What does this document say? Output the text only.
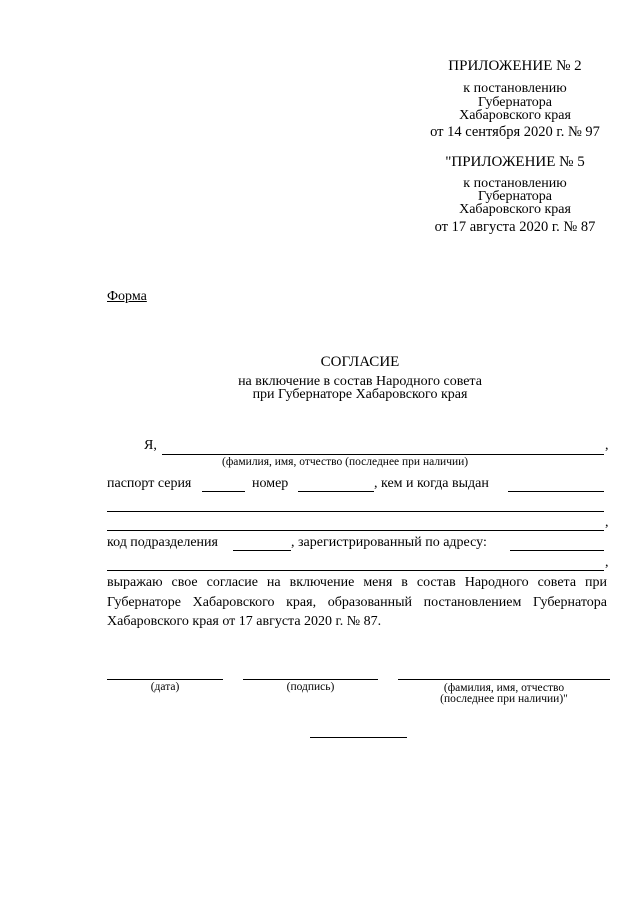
ПРИЛОЖЕНИЕ № 2
к постановлению
Губернатора
Хабаровского края
от 14 сентября 2020 г. № 97
"ПРИЛОЖЕНИЕ № 5
к постановлению
Губернатора
Хабаровского края
от 17 августа 2020 г. № 87
Форма
СОГЛАСИЕ
на включение в состав Народного совета
при Губернаторе Хабаровского края
Я,	,
(фамилия, имя, отчество (последнее при наличии)
паспорт серия	номер	, кем и когда выдан
,
код подразделения	, зарегистрированный по адресу:
,
выражаю свое согласие на включение меня в состав Народного совета при
Губернаторе Хабаровского края, образованный постановлением Губернатора
Хабаровского края от 17 августа 2020 г. № 87.
(дата)	(подпись)	(фамилия, имя, отчество
(последнее при наличии)"
